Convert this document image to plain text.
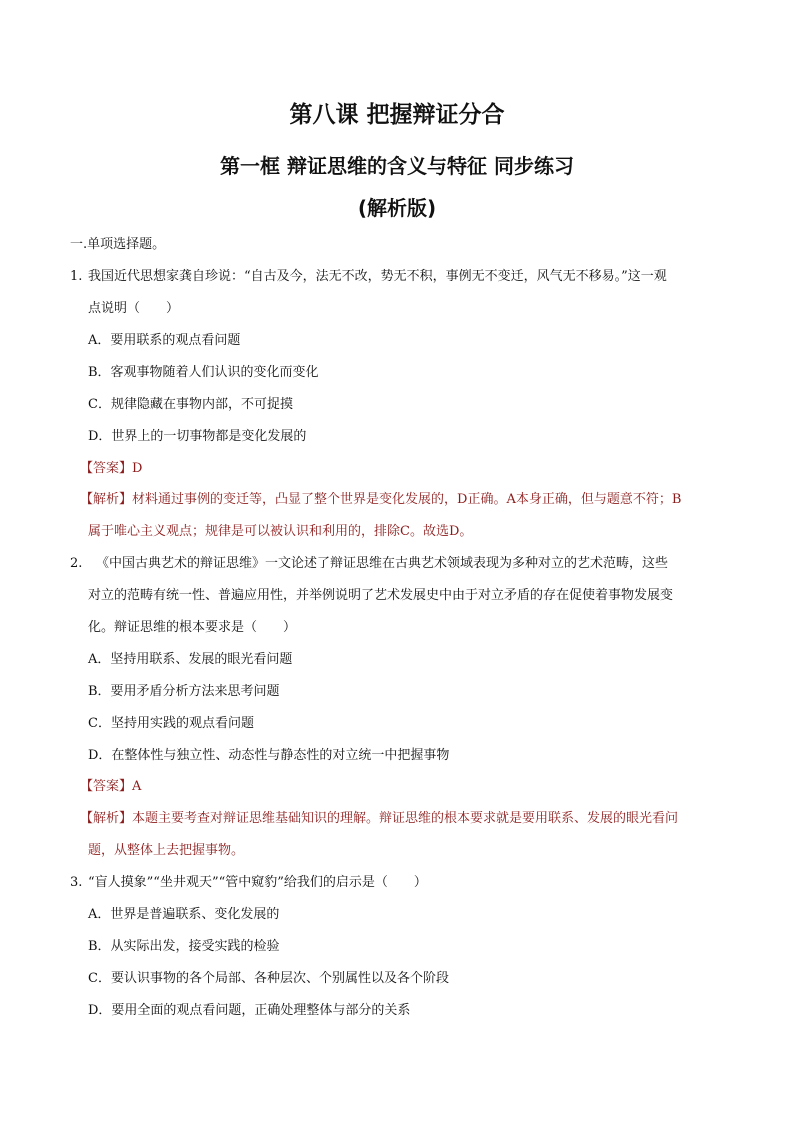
第八课 把握辩证分合
第一框 辩证思维的含义与特征 同步练习
(解析版)
一.单项选择题。
1. 我国近代思想家龚自珍说：“自古及今，法无不改，势无不积，事例无不变迁，风气无不移易。”这一观
点说明（　　）
A．要用联系的观点看问题
B．客观事物随着人们认识的变化而变化
C．规律隐藏在事物内部，不可捉摸
D．世界上的一切事物都是变化发展的
【答案】D
【解析】材料通过事例的变迁等，凸显了整个世界是变化发展的，D正确。A本身正确，但与题意不符；B
属于唯心主义观点；规律是可以被认识和利用的，排除C。故选D。
2. 《中国古典艺术的辩证思维》一文论述了辩证思维在古典艺术领域表现为多种对立的艺术范畴，这些
对立的范畴有统一性、普遍应用性，并举例说明了艺术发展史中由于对立矛盾的存在促使着事物发展变
化。辩证思维的根本要求是（　　）
A．坚持用联系、发展的眼光看问题
B．要用矛盾分析方法来思考问题
C．坚持用实践的观点看问题
D．在整体性与独立性、动态性与静态性的对立统一中把握事物
【答案】A
【解析】本题主要考查对辩证思维基础知识的理解。辩证思维的根本要求就是要用联系、发展的眼光看问
题，从整体上去把握事物。
3. “盲人摸象”“坐井观天”“管中窥豹”给我们的启示是（　　）
A．世界是普遍联系、变化发展的
B．从实际出发，接受实践的检验
C．要认识事物的各个局部、各种层次、个别属性以及各个阶段
D．要用全面的观点看问题，正确处理整体与部分的关系
